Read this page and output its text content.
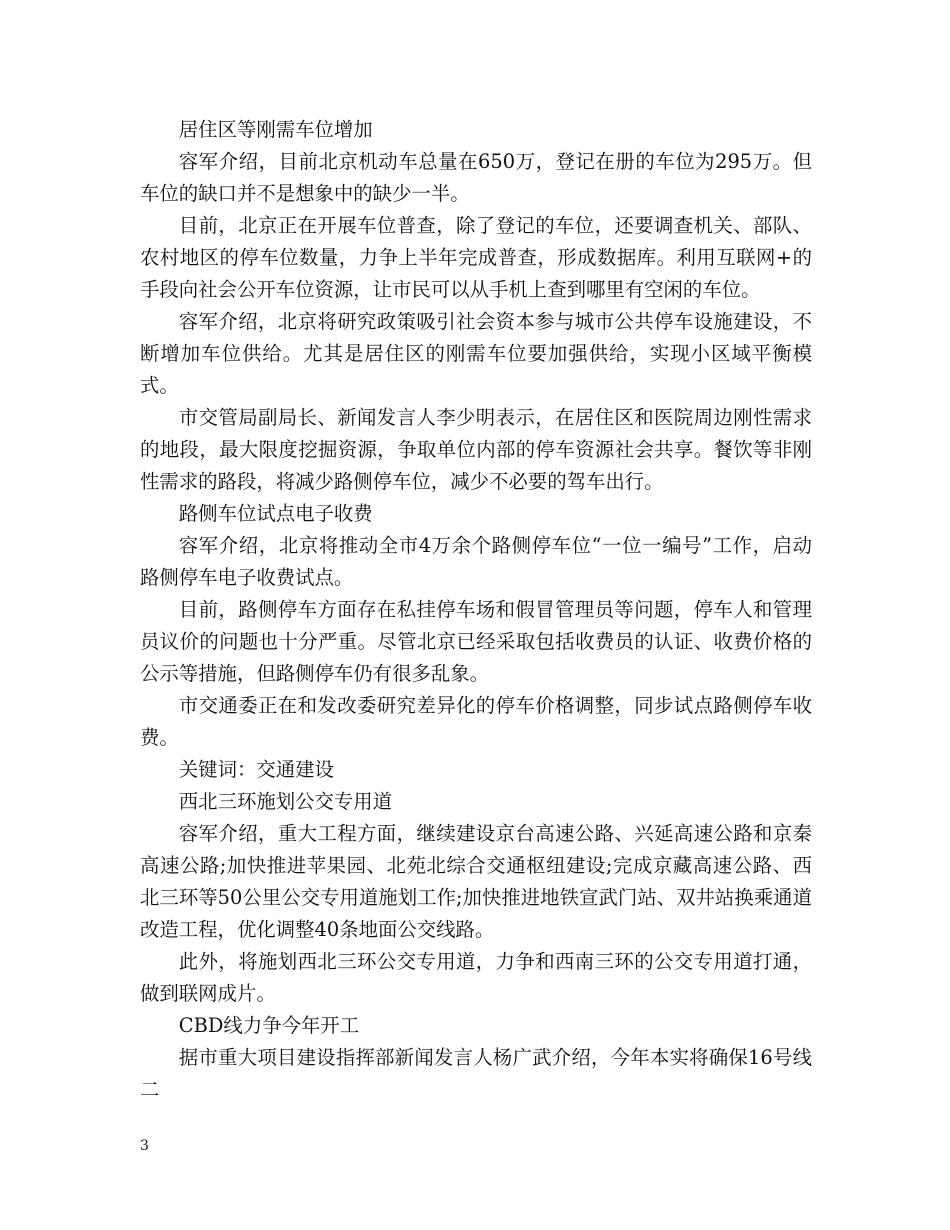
居住区等刚需车位增加

容军介绍，目前北京机动车总量在650万，登记在册的车位为295万。但车位的缺口并不是想象中的缺少一半。

目前，北京正在开展车位普查，除了登记的车位，还要调查机关、部队、农村地区的停车位数量，力争上半年完成普查，形成数据库。利用互联网+的手段向社会公开车位资源，让市民可以从手机上查到哪里有空闲的车位。

容军介绍，北京将研究政策吸引社会资本参与城市公共停车设施建设，不断增加车位供给。尤其是居住区的刚需车位要加强供给，实现小区域平衡模式。

市交管局副局长、新闻发言人李少明表示，在居住区和医院周边刚性需求的地段，最大限度挖掘资源，争取单位内部的停车资源社会共享。餐饮等非刚性需求的路段，将减少路侧停车位，减少不必要的驾车出行。

路侧车位试点电子收费

容军介绍，北京将推动全市4万余个路侧停车位“一位一编号”工作，启动路侧停车电子收费试点。

目前，路侧停车方面存在私挂停车场和假冒管理员等问题，停车人和管理员议价的问题也十分严重。尽管北京已经采取包括收费员的认证、收费价格的公示等措施，但路侧停车仍有很多乱象。

市交通委正在和发改委研究差异化的停车价格调整，同步试点路侧停车收费。

关键词：交通建设

西北三环施划公交专用道

容军介绍，重大工程方面，继续建设京台高速公路、兴延高速公路和京秦高速公路;加快推进苹果园、北苑北综合交通枢纽建设;完成京藏高速公路、西北三环等50公里公交专用道施划工作;加快推进地铁宣武门站、双井站换乘通道改造工程，优化调整40条地面公交线路。

此外，将施划西北三环公交专用道，力争和西南三环的公交专用道打通，做到联网成片。

CBD线力争今年开工

据市重大项目建设指挥部新闻发言人杨广武介绍，今年本实将确保16号线二

3
